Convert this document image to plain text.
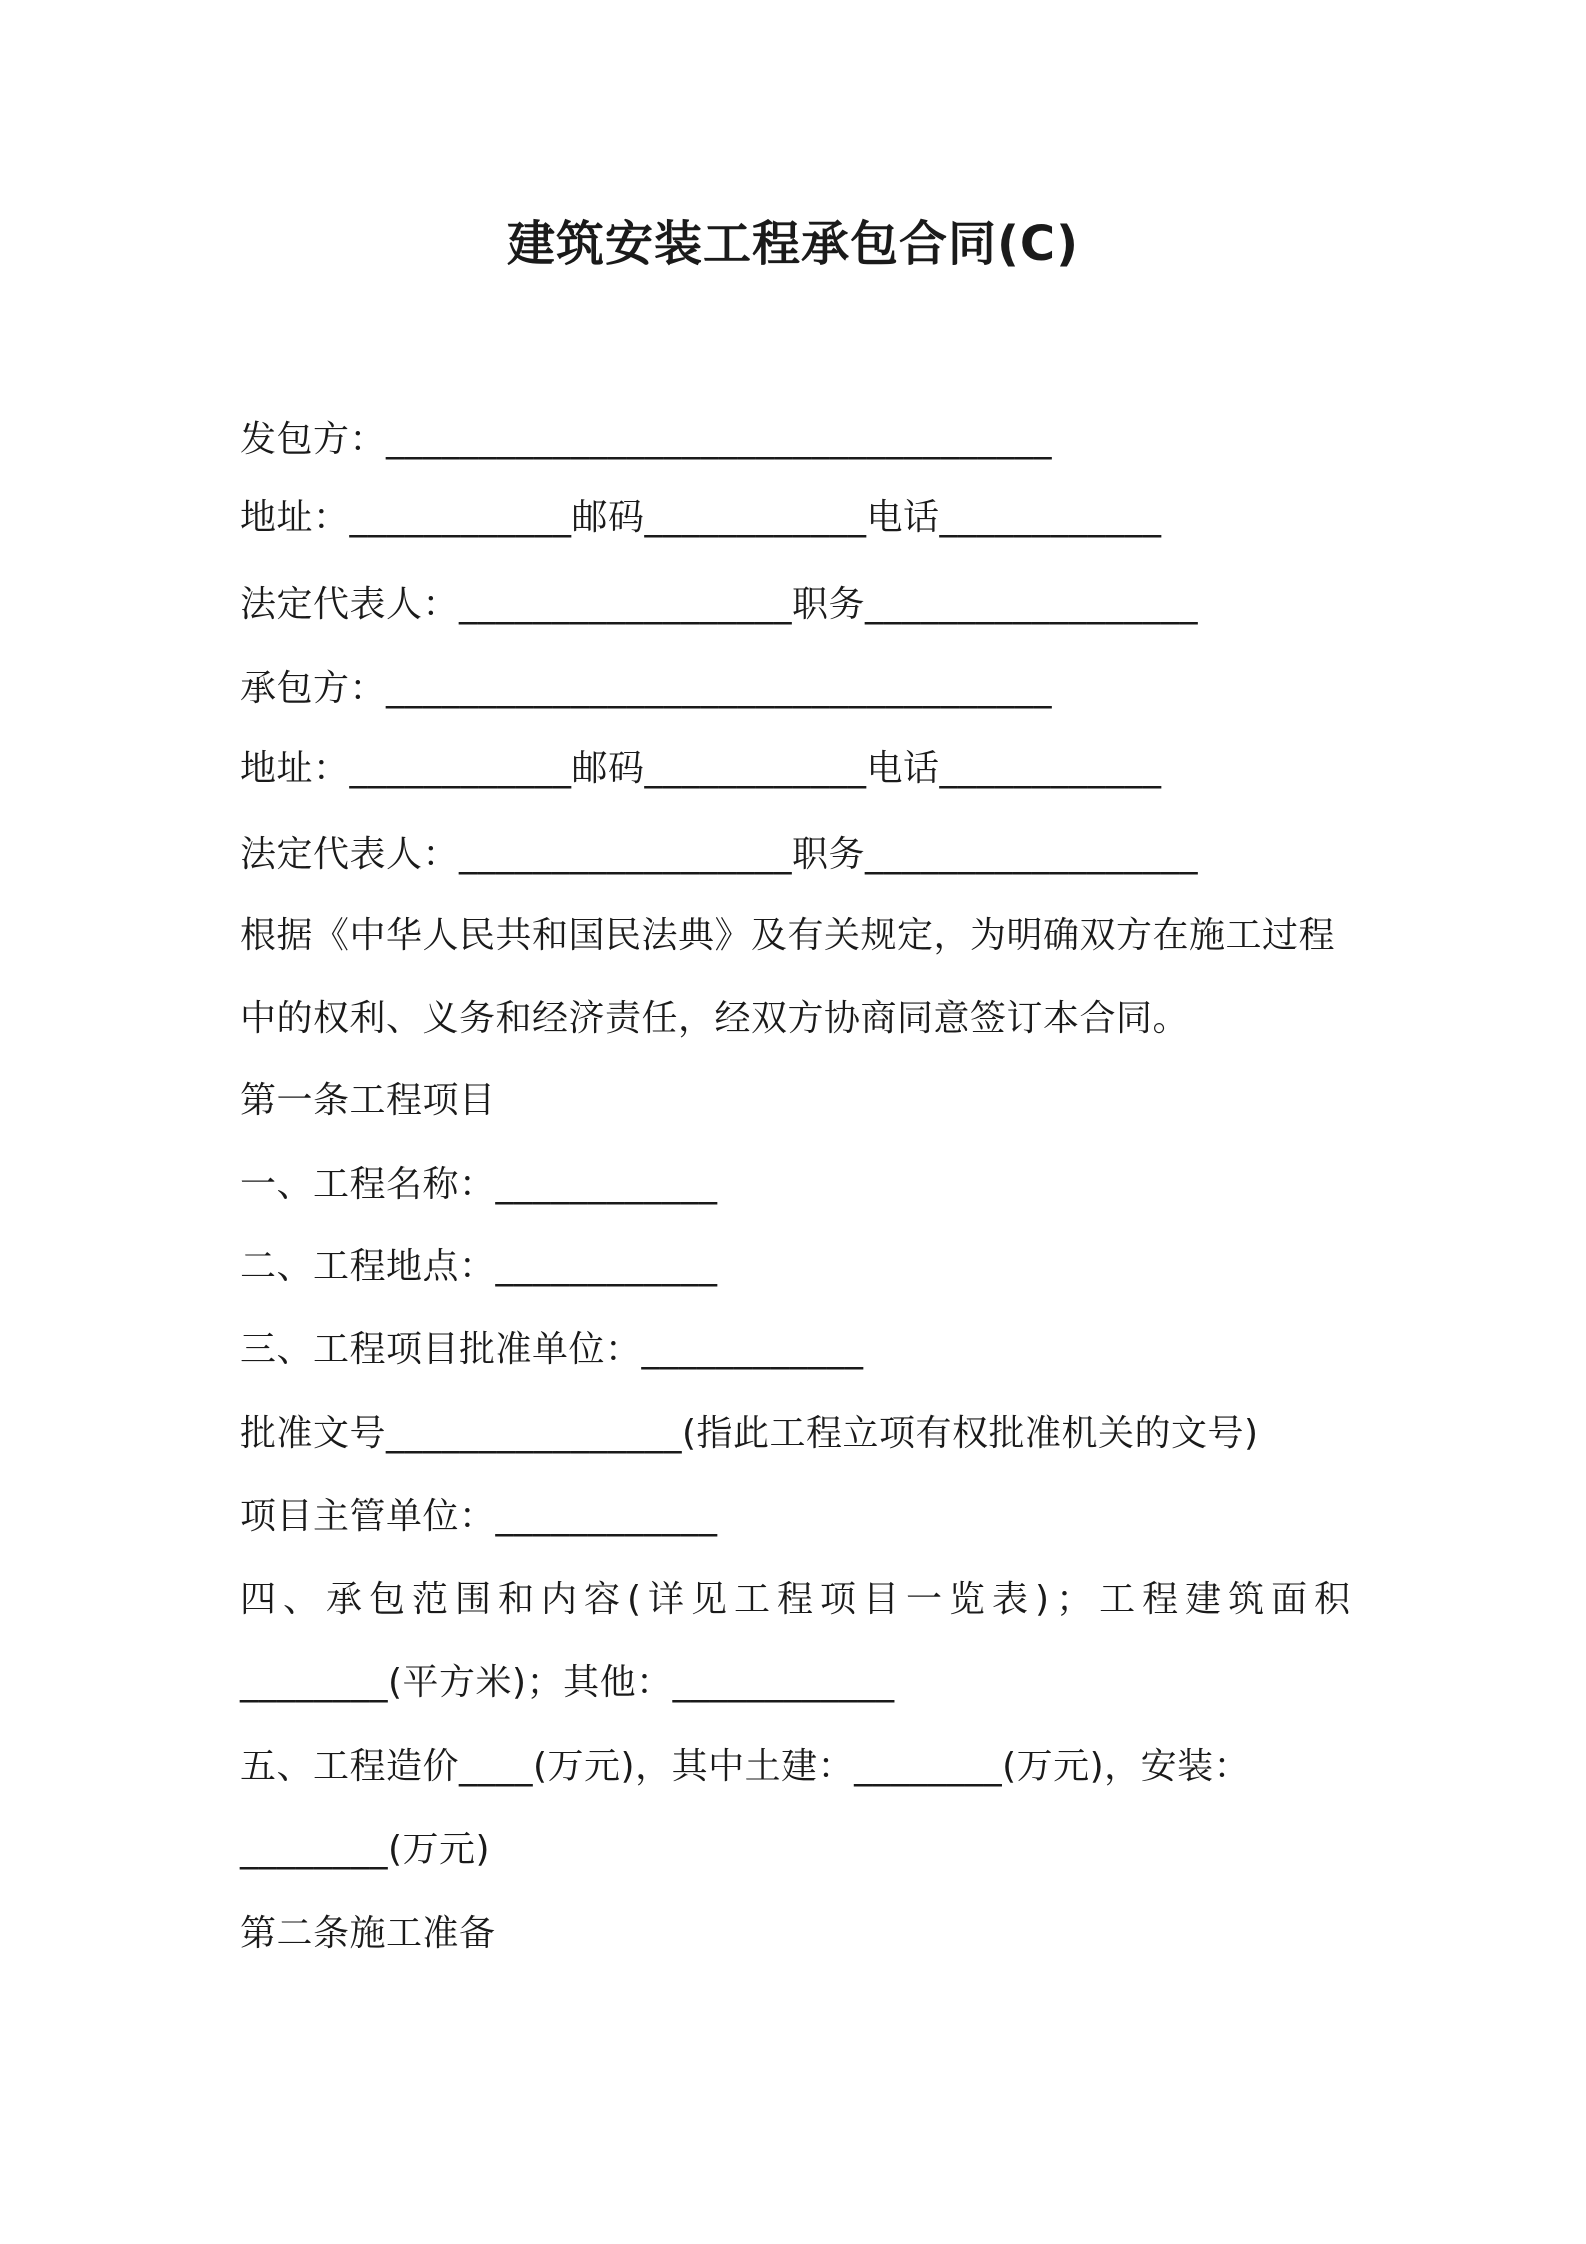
建筑安装工程承包合同(C)
发包方：____________________________________
地址：____________邮码____________电话____________
法定代表人：__________________职务__________________
承包方：____________________________________
地址：____________邮码____________电话____________
法定代表人：__________________职务__________________
根据《中华人民共和国民法典》及有关规定，为明确双方在施工过程
中的权利、义务和经济责任，经双方协商同意签订本合同。
第一条工程项目
一、工程名称：____________
二、工程地点：____________
三、工程项目批准单位：____________
批准文号________________(指此工程立项有权批准机关的文号)
项目主管单位：____________
四、承包范围和内容(详见工程项目一览表)；工程建筑面积
________(平方米)；其他：____________
五、工程造价____(万元)，其中土建：________(万元)，安装：
________(万元)
第二条施工准备
